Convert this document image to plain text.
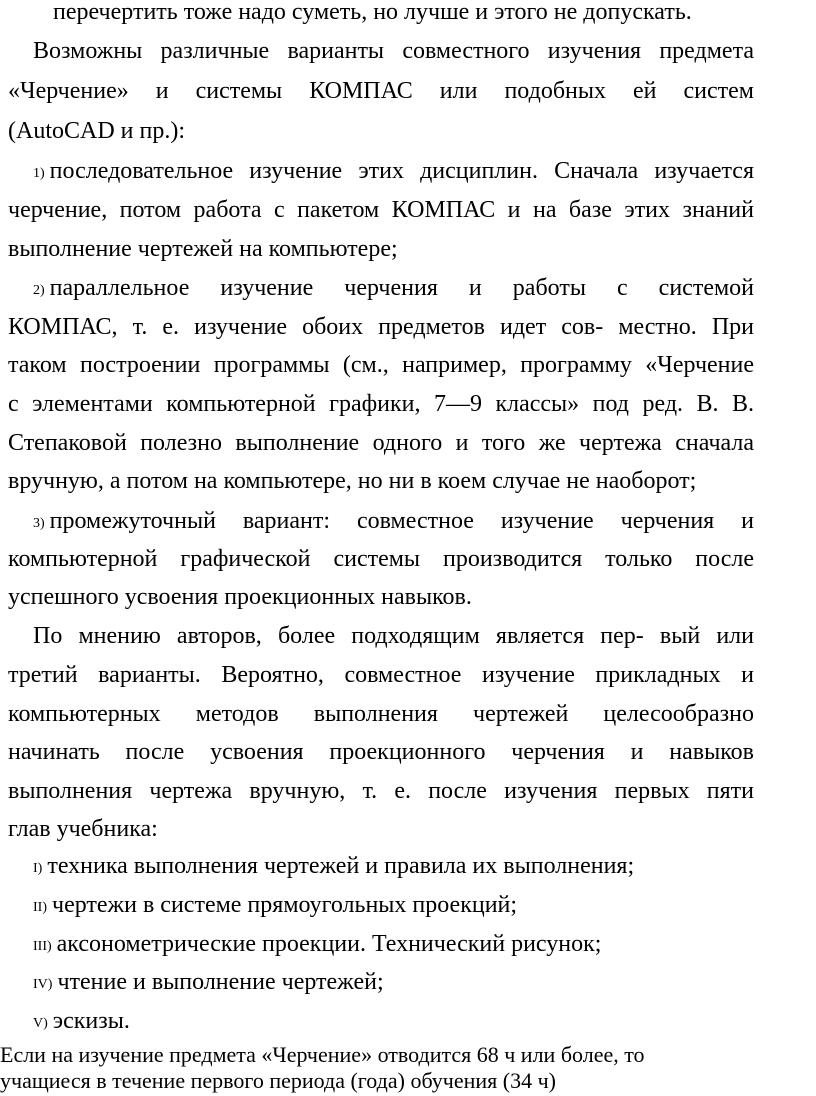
перечертить тоже надо суметь, но лучше и этого не допускать.
Возможны различные варианты совместного изучения предмета
«Черчение» и системы КОМПАС или подобных ей систем
(AutoCAD и пр.):
1) последовательное изучение этих дисциплин. Сначала изучается
черчение, потом работа с пакетом КОМПАС и на базе этих знаний
выполнение чертежей на компьютере;
2) параллельное изучение черчения и работы с системой
КОМПАС, т. е. изучение обоих предметов идет сов- местно. При
таком построении программы (см., например, программу «Черчение
с элементами компьютерной графики, 7—9 классы» под ред. В. В.
Степаковой полезно выполнение одного и того же чертежа сначала
вручную, а потом на компьютере, но ни в коем случае не наоборот;
3) промежуточный вариант: совместное изучение черчения и
компьютерной графической системы производится только после
успешного усвоения проекционных навыков.
По мнению авторов, более подходящим является пер- вый или
третий варианты. Вероятно, совместное изучение прикладных и
компьютерных методов выполнения чертежей целесообразно
начинать после усвоения проекционного черчения и навыков
выполнения чертежа вручную, т. е. после изучения первых пяти
глав учебника:
I) техника выполнения чертежей и правила их выполнения;
II) чертежи в системе прямоугольных проекций;
III) аксонометрические проекции. Технический рисунок;
IV) чтение и выполнение чертежей;
V) эскизы.
Если на изучение предмета «Черчение» отводится 68 ч или более, то
учащиеся в течение первого периода (года) обучения (34 ч)
